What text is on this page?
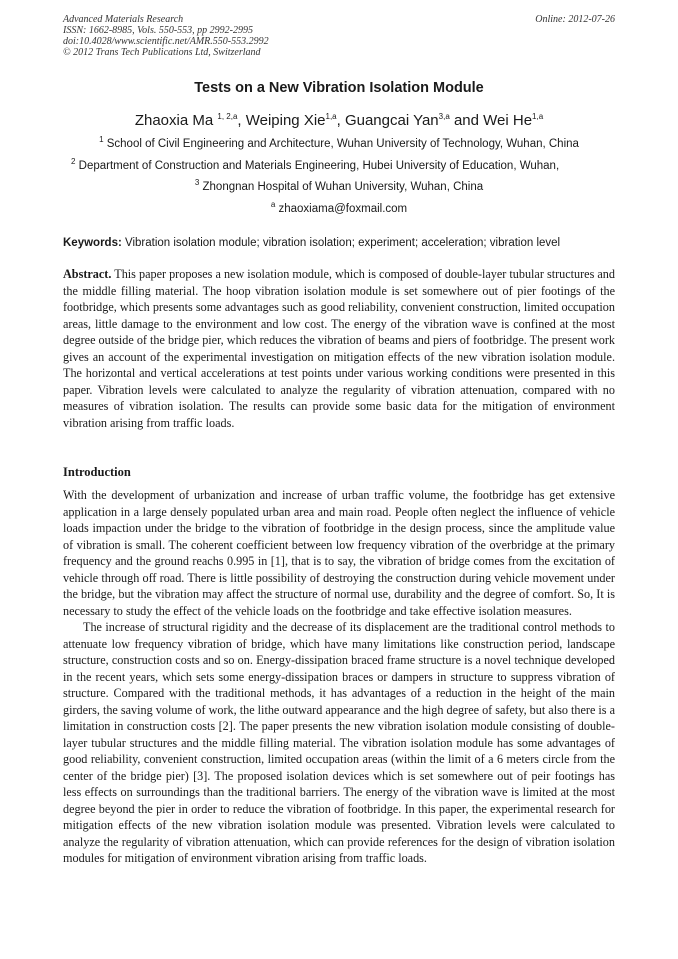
Advanced Materials Research
ISSN: 1662-8985, Vols. 550-553, pp 2992-2995
doi:10.4028/www.scientific.net/AMR.550-553.2992
© 2012 Trans Tech Publications Ltd, Switzerland
Online: 2012-07-26
Tests on a New Vibration Isolation Module
Zhaoxia Ma $^{1, 2,a}$, Weiping Xie$^{1,a}$, Guangcai Yan$^{3,a}$ and Wei He$^{1,a}$
$^1$ School of Civil Engineering and Architecture, Wuhan University of Technology, Wuhan, China
$^2$ Department of Construction and Materials Engineering, Hubei University of Education, Wuhan,
$^3$ Zhongnan Hospital of Wuhan University, Wuhan, China
$^a$ zhaoxiama@foxmail.com
Keywords: Vibration isolation module; vibration isolation; experiment; acceleration; vibration level
Abstract. This paper proposes a new isolation module, which is composed of double-layer tubular structures and the middle filling material. The hoop vibration isolation module is set somewhere out of pier footings of the footbridge, which presents some advantages such as good reliability, convenient construction, limited occupation areas, little damage to the environment and low cost. The energy of the vibration wave is confined at the most degree outside of the bridge pier, which reduces the vibration of beams and piers of footbridge. The present work gives an account of the experimental investigation on mitigation effects of the new vibration isolation module. The horizontal and vertical accelerations at test points under various working conditions were presented in this paper. Vibration levels were calculated to analyze the regularity of vibration attenuation, compared with no measures of vibration isolation. The results can provide some basic data for the mitigation of environment vibration arising from traffic loads.
Introduction
With the development of urbanization and increase of urban traffic volume, the footbridge has get extensive application in a large densely populated urban area and main road. People often neglect the influence of vehicle loads impaction under the bridge to the vibration of footbridge in the design process, since the amplitude value of vibration is small. The coherent coefficient between low frequency vibration of the overbridge at the primary frequency and the ground reachs 0.995 in [1], that is to say, the vibration of bridge comes from the excitation of vehicle through off road. There is little possibility of destroying the construction during vehicle movement under the bridge, but the vibration may affect the structure of normal use, durability and the degree of comfort. So, It is necessary to study the effect of the vehicle loads on the footbridge and take effective isolation measures.
The increase of structural rigidity and the decrease of its displacement are the traditional control methods to attenuate low frequency vibration of bridge, which have many limitations like construction period, landscape structure, construction costs and so on. Energy-dissipation braced frame structure is a novel technique developed in the recent years, which sets some energy-dissipation braces or dampers in structure to suppress vibration of structure. Compared with the traditional methods, it has advantages of a reduction in the height of the main girders, the saving volume of work, the lithe outward appearance and the high degree of safety, but also there is a limitation in construction costs [2]. The paper presents the new vibration isolation module consisting of double-layer tubular structures and the middle filling material. The vibration isolation module has some advantages of good reliability, convenient construction, limited occupation areas (within the limit of a 6 meters circle from the center of the bridge pier) [3]. The proposed isolation devices which is set somewhere out of peir footings has less effects on surroundings than the traditional barriers. The energy of the vibration wave is limited at the most degree beyond the pier in order to reduce the vibration of footbridge. In this paper, the experimental research for mitigation effects of the new vibration isolation module was presented. Vibration levels were calculated to analyze the regularity of vibration attenuation, which can provide references for the design of vibration isolation modules for mitigation of environment vibration arising from traffic loads.
